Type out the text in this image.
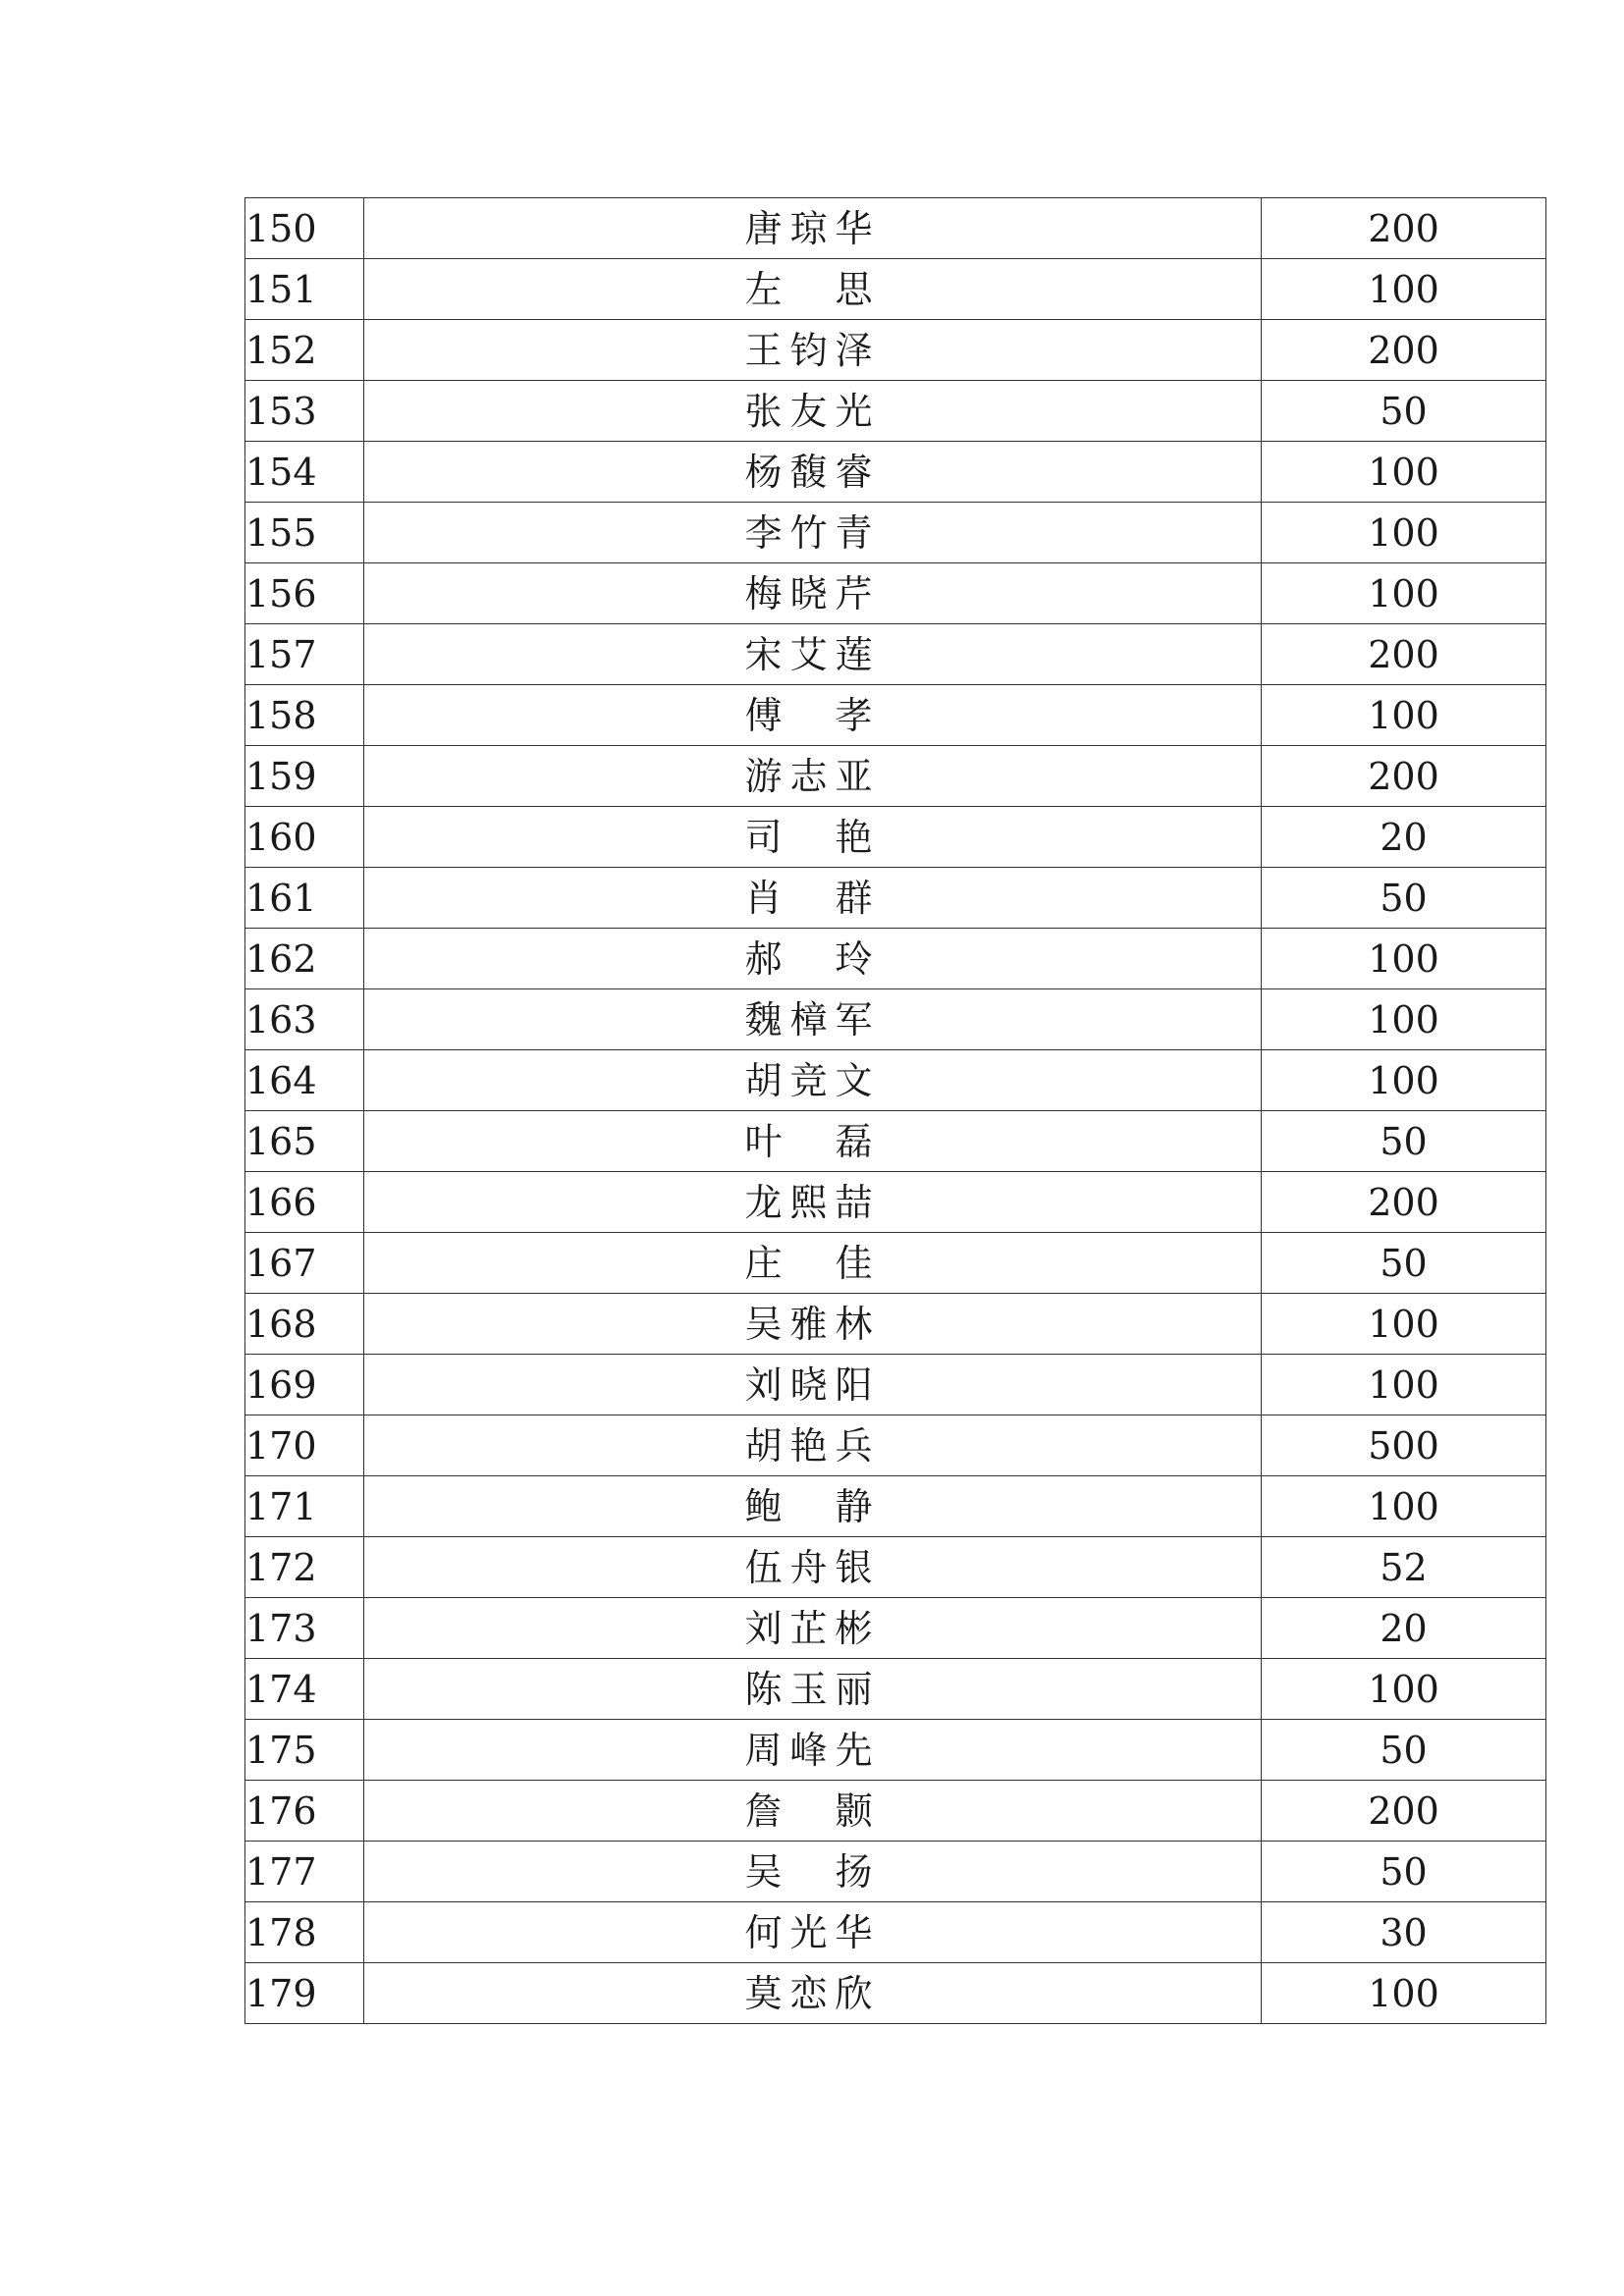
150	唐琼华	200
151	左　思	100
152	王钧泽	200
153	张友光	50
154	杨馥睿	100
155	李竹青	100
156	梅晓芹	100
157	宋艾莲	200
158	傅　孝	100
159	游志亚	200
160	司　艳	20
161	肖　群	50
162	郝　玲	100
163	魏樟军	100
164	胡竞文	100
165	叶　磊	50
166	龙熙喆	200
167	庄　佳	50
168	吴雅林	100
169	刘晓阳	100
170	胡艳兵	500
171	鲍　静	100
172	伍舟银	52
173	刘芷彬	20
174	陈玉丽	100
175	周峰先	50
176	詹　颢	200
177	吴　扬	50
178	何光华	30
179	莫恋欣	100
